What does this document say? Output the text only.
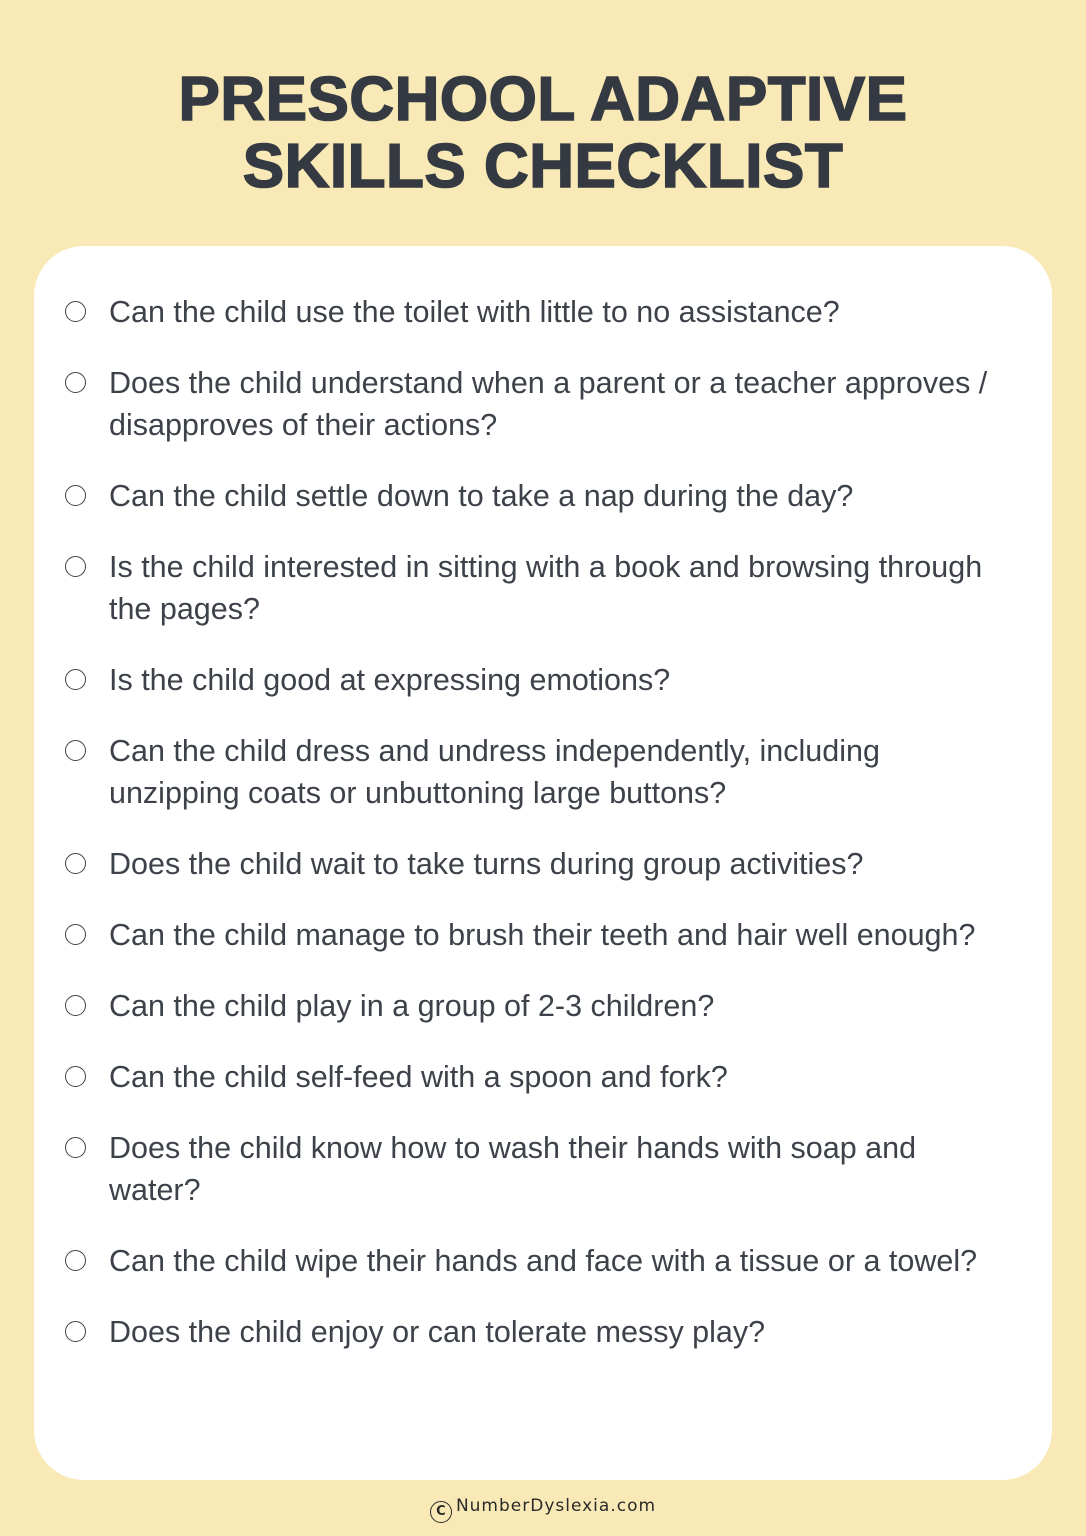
PRESCHOOL ADAPTIVE
SKILLS CHECKLIST
Can the child use the toilet with little to no assistance?
Does the child understand when a parent or a teacher approves / disapproves of their actions?
Can the child settle down to take a nap during the day?
Is the child interested in sitting with a book and browsing through the pages?
Is the child good at expressing emotions?
Can the child dress and undress independently, including unzipping coats or unbuttoning large buttons?
Does the child wait to take turns during group activities?
Can the child manage to brush their teeth and hair well enough?
Can the child play in a group of 2-3 children?
Can the child self-feed with a spoon and fork?
Does the child know how to wash their hands with soap and water?
Can the child wipe their hands and face with a tissue or a towel?
Does the child enjoy or can tolerate messy play?
C NumberDyslexia.com
